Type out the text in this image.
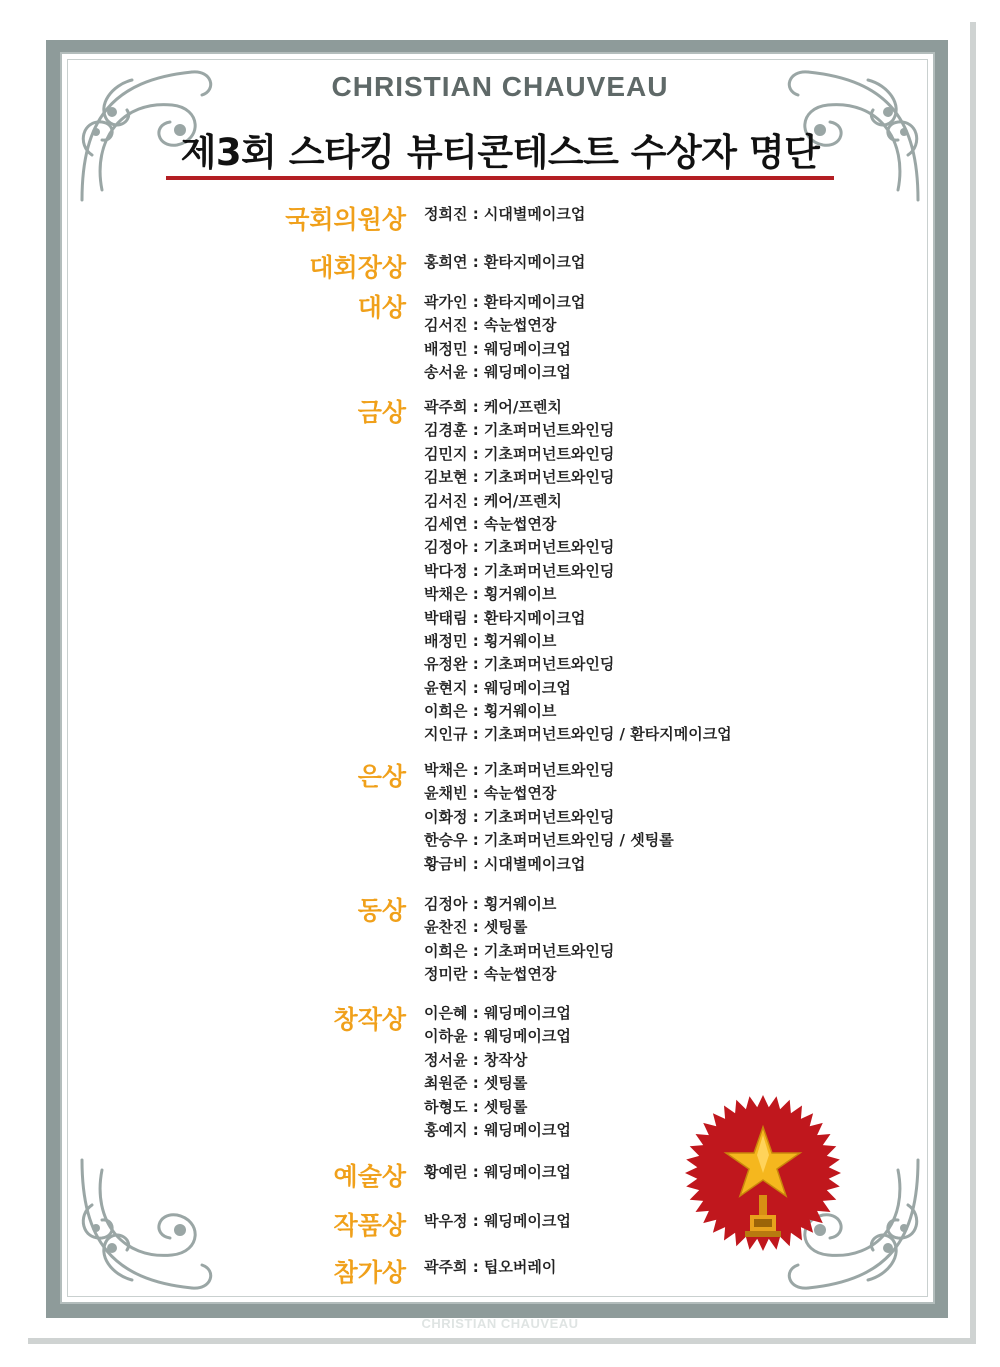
CHRISTIAN CHAUVEAU
제3회 스타킹 뷰티콘테스트 수상자 명단
국회의원상 정희진 : 시대별메이크업
대회장상 홍희연 : 환타지메이크업
대상 곽가인 : 환타지메이크업
김서진 : 속눈썹연장
배정민 : 웨딩메이크업
송서윤 : 웨딩메이크업
금상 곽주희 : 케어/프렌치
김경훈 : 기초퍼머넌트와인딩
김민지 : 기초퍼머넌트와인딩
김보현 : 기초퍼머넌트와인딩
김서진 : 케어/프렌치
김세연 : 속눈썹연장
김정아 : 기초퍼머넌트와인딩
박다정 : 기초퍼머넌트와인딩
박채은 : 횡거웨이브
박태림 : 환타지메이크업
배정민 : 횡거웨이브
유정완 : 기초퍼머넌트와인딩
윤현지 : 웨딩메이크업
이희은 : 횡거웨이브
지인규 : 기초퍼머넌트와인딩 / 환타지메이크업
은상 박채은 : 기초퍼머넌트와인딩
윤채빈 : 속눈썹연장
이화정 : 기초퍼머넌트와인딩
한승우 : 기초퍼머넌트와인딩 / 셋팅롤
황금비 : 시대별메이크업
동상 김정아 : 횡거웨이브
윤찬진 : 셋팅롤
이희은 : 기초퍼머넌트와인딩
정미란 : 속눈썹연장
창작상 이은혜 : 웨딩메이크업
이하윤 : 웨딩메이크업
정서윤 : 창작상
최원준 : 셋팅롤
하형도 : 셋팅롤
홍예지 : 웨딩메이크업
예술상 황예린 : 웨딩메이크업
작품상 박우정 : 웨딩메이크업
참가상 곽주희 : 팁오버레이
CHRISTIAN CHAUVEAU
